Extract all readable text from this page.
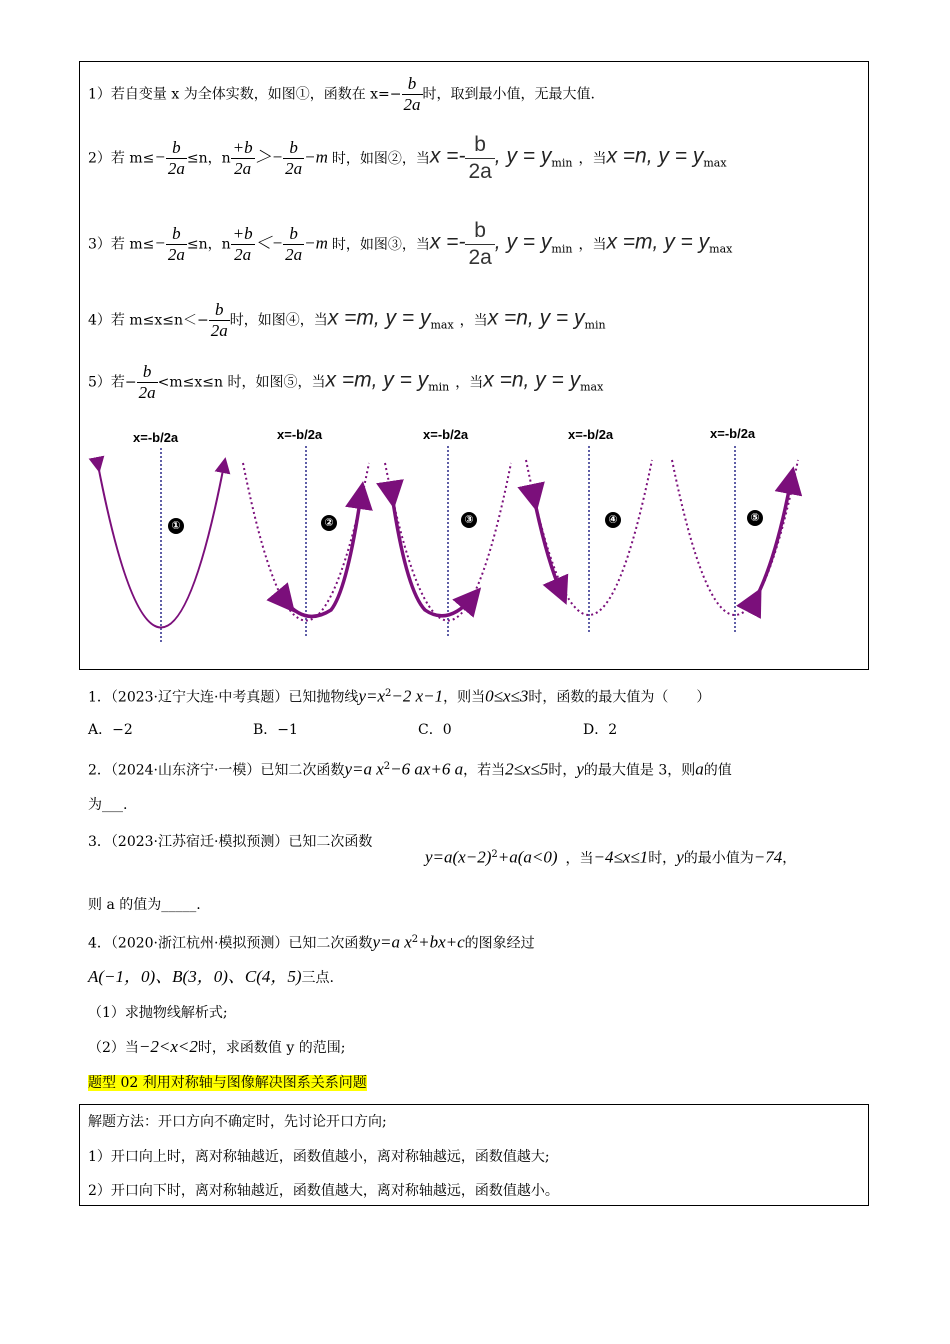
1）若自变量 x 为全体实数，如图①，函数在 $x=- \frac{b}{2a}$ 时，取到最小值，无最大值.
2）若 $m\le- \frac{b}{2a} \le n$，n $\frac{+b}{2a} >- \frac{b}{2a} -m$ 时，如图②，当$x =- \frac{b}{2a}$ , $y = y_{min}$ ，当x =n, $y = y_{max}$
3）若 $m\le- \frac{b}{2a} \le n$，n $\frac{+b}{2a} <- \frac{b}{2a} -m$ 时，如图③，当$x =- \frac{b}{2a}$ , $y = y_{min}$ ，当x =m, $y = y_{max}$
4）若 $m\le x\le n<- \frac{b}{2a}$ 时，如图④，当x =m, $y = y_{max}$ ，当x =n, $y = y_{min}$
5）若− $\frac{b}{2a} <m\le x\le n$ 时，如图⑤，当x =m, $y = y_{min}$ ，当x =n, $y = y_{max}$
x=-b/2a	x=-b/2a	x=-b/2a	x=-b/2a	x=-b/2a
①	②	③	④	⑤
1．（2023·辽宁大连·中考真题）已知抛物线$y=x^2-2$ x−1，则当0≤x≤3时，函数的最大值为（　　）
A．−2	B．−1	C．0	D．2
2．（2024·山东济宁·一模）已知二次函数y=a $x^2-6$ ax+6 a，若当2≤x≤5时，y的最大值是 3，则a的值
为___.
3．（2023·江苏宿迁·模拟预测）已知二次函数
$y=a(x-2)^2+a(a<0)$ ，当−4≤x≤1时，y的最小值为−74，
则 a 的值为_____.
4．（2020·浙江杭州·模拟预测）已知二次函数y=a $x^2+bx+c$的图象经过
A(−1，0)、B(3，0)、C(4，5)三点.
（1）求抛物线解析式;
（2）当−2<x<2时，求函数值 y 的范围;
题型 02 利用对称轴与图像解决图系关系问题
解题方法：开口方向不确定时，先讨论开口方向;
1）开口向上时，离对称轴越近，函数值越小，离对称轴越远，函数值越大;
2）开口向下时，离对称轴越近，函数值越大，离对称轴越远，函数值越小。
